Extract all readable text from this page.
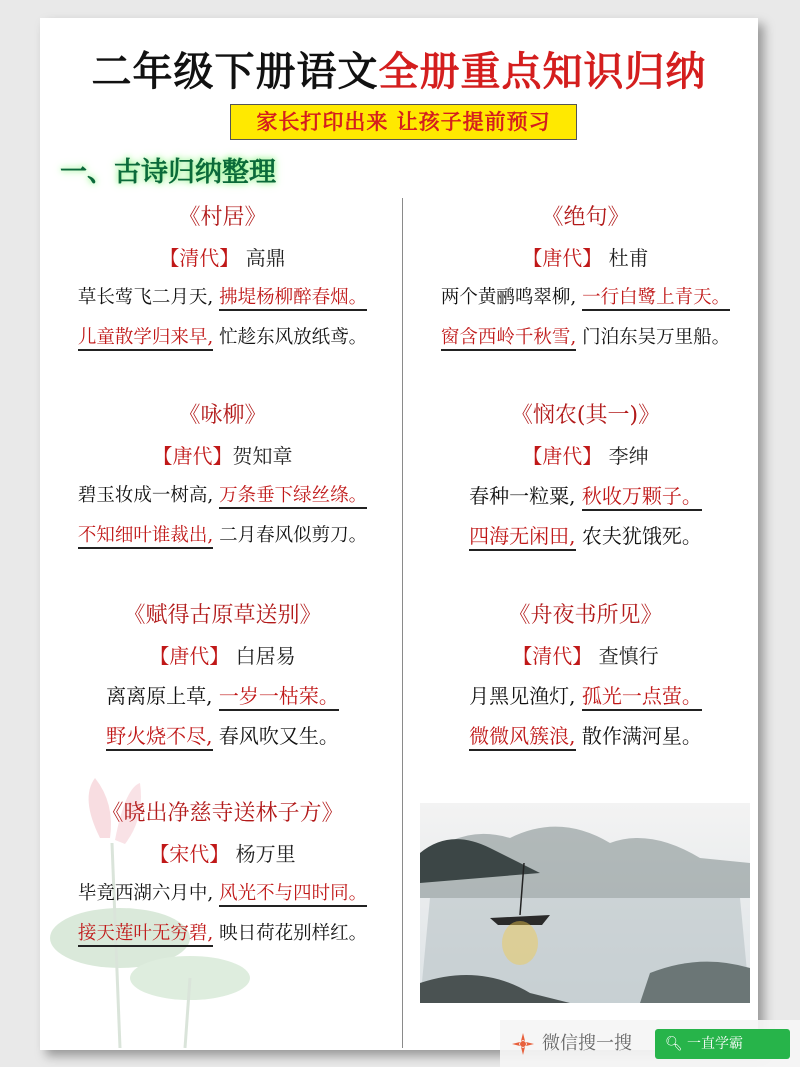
二年级下册语文全册重点知识归纳
家长打印出来 让孩子提前预习
一、古诗归纳整理
《村居》
【清代】 高鼎
草长莺飞二月天, 拂堤杨柳醉春烟。
儿童散学归来早, 忙趁东风放纸鸢。
《绝句》
【唐代】 杜甫
两个黄鹂鸣翠柳, 一行白鹭上青天。
窗含西岭千秋雪, 门泊东吴万里船。
《咏柳》
【唐代】贺知章
碧玉妆成一树高, 万条垂下绿丝绦。
不知细叶谁裁出, 二月春风似剪刀。
《悯农(其一)》
【唐代】 李绅
春种一粒粟, 秋收万颗子。
四海无闲田, 农夫犹饿死。
《赋得古原草送别》
【唐代】 白居易
离离原上草, 一岁一枯荣。
野火烧不尽, 春风吹又生。
《舟夜书所见》
【清代】 查慎行
月黑见渔灯, 孤光一点萤。
微微风簇浪, 散作满河星。
《晓出净慈寺送林子方》
【宋代】 杨万里
毕竟西湖六月中, 风光不与四时同。
接天莲叶无穷碧, 映日荷花别样红。
微信搜一搜 🔍︎ 一直学霸
